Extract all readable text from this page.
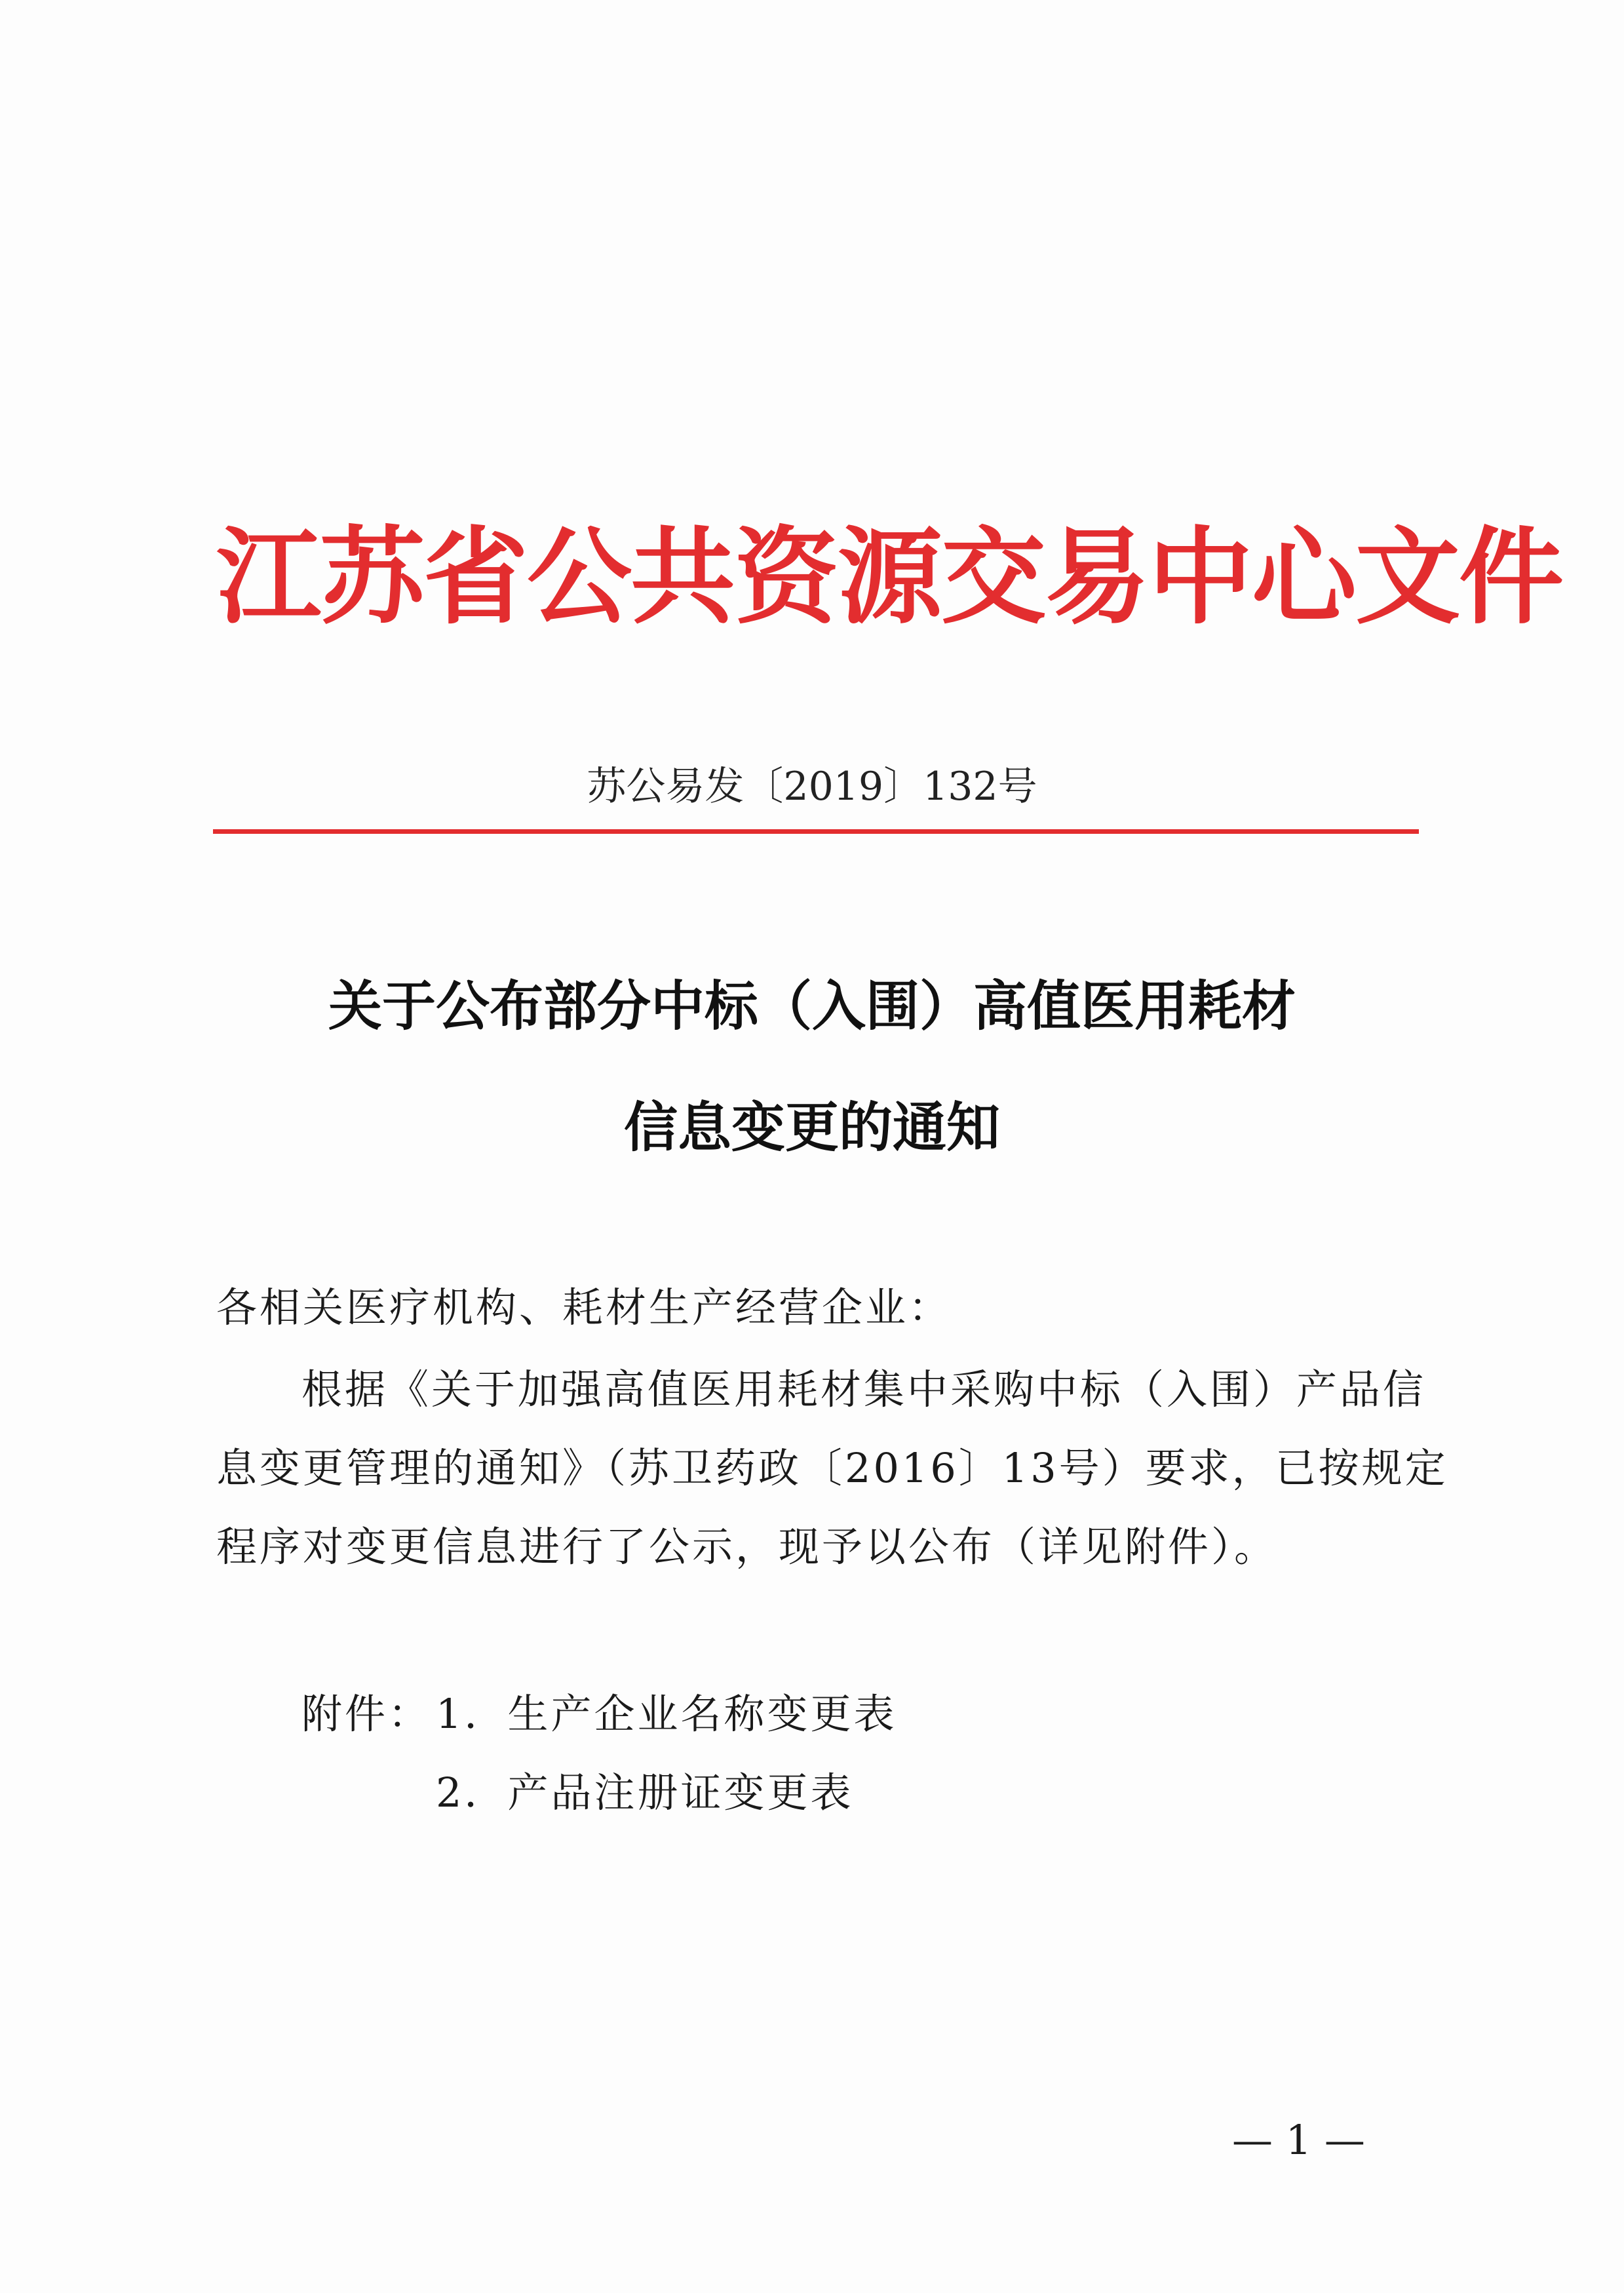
江苏省公共资源交易中心文件
苏公易发〔2019〕132号
关于公布部分中标（入围）高值医用耗材
信息变更的通知
各相关医疗机构、耗材生产经营企业：
根据《关于加强高值医用耗材集中采购中标（入围）产品信
息变更管理的通知》（苏卫药政〔2016〕13号）要求，已按规定
程序对变更信息进行了公示，现予以公布（详见附件）。
附件： 1．生产企业名称变更表
2．产品注册证变更表
— 1 —
